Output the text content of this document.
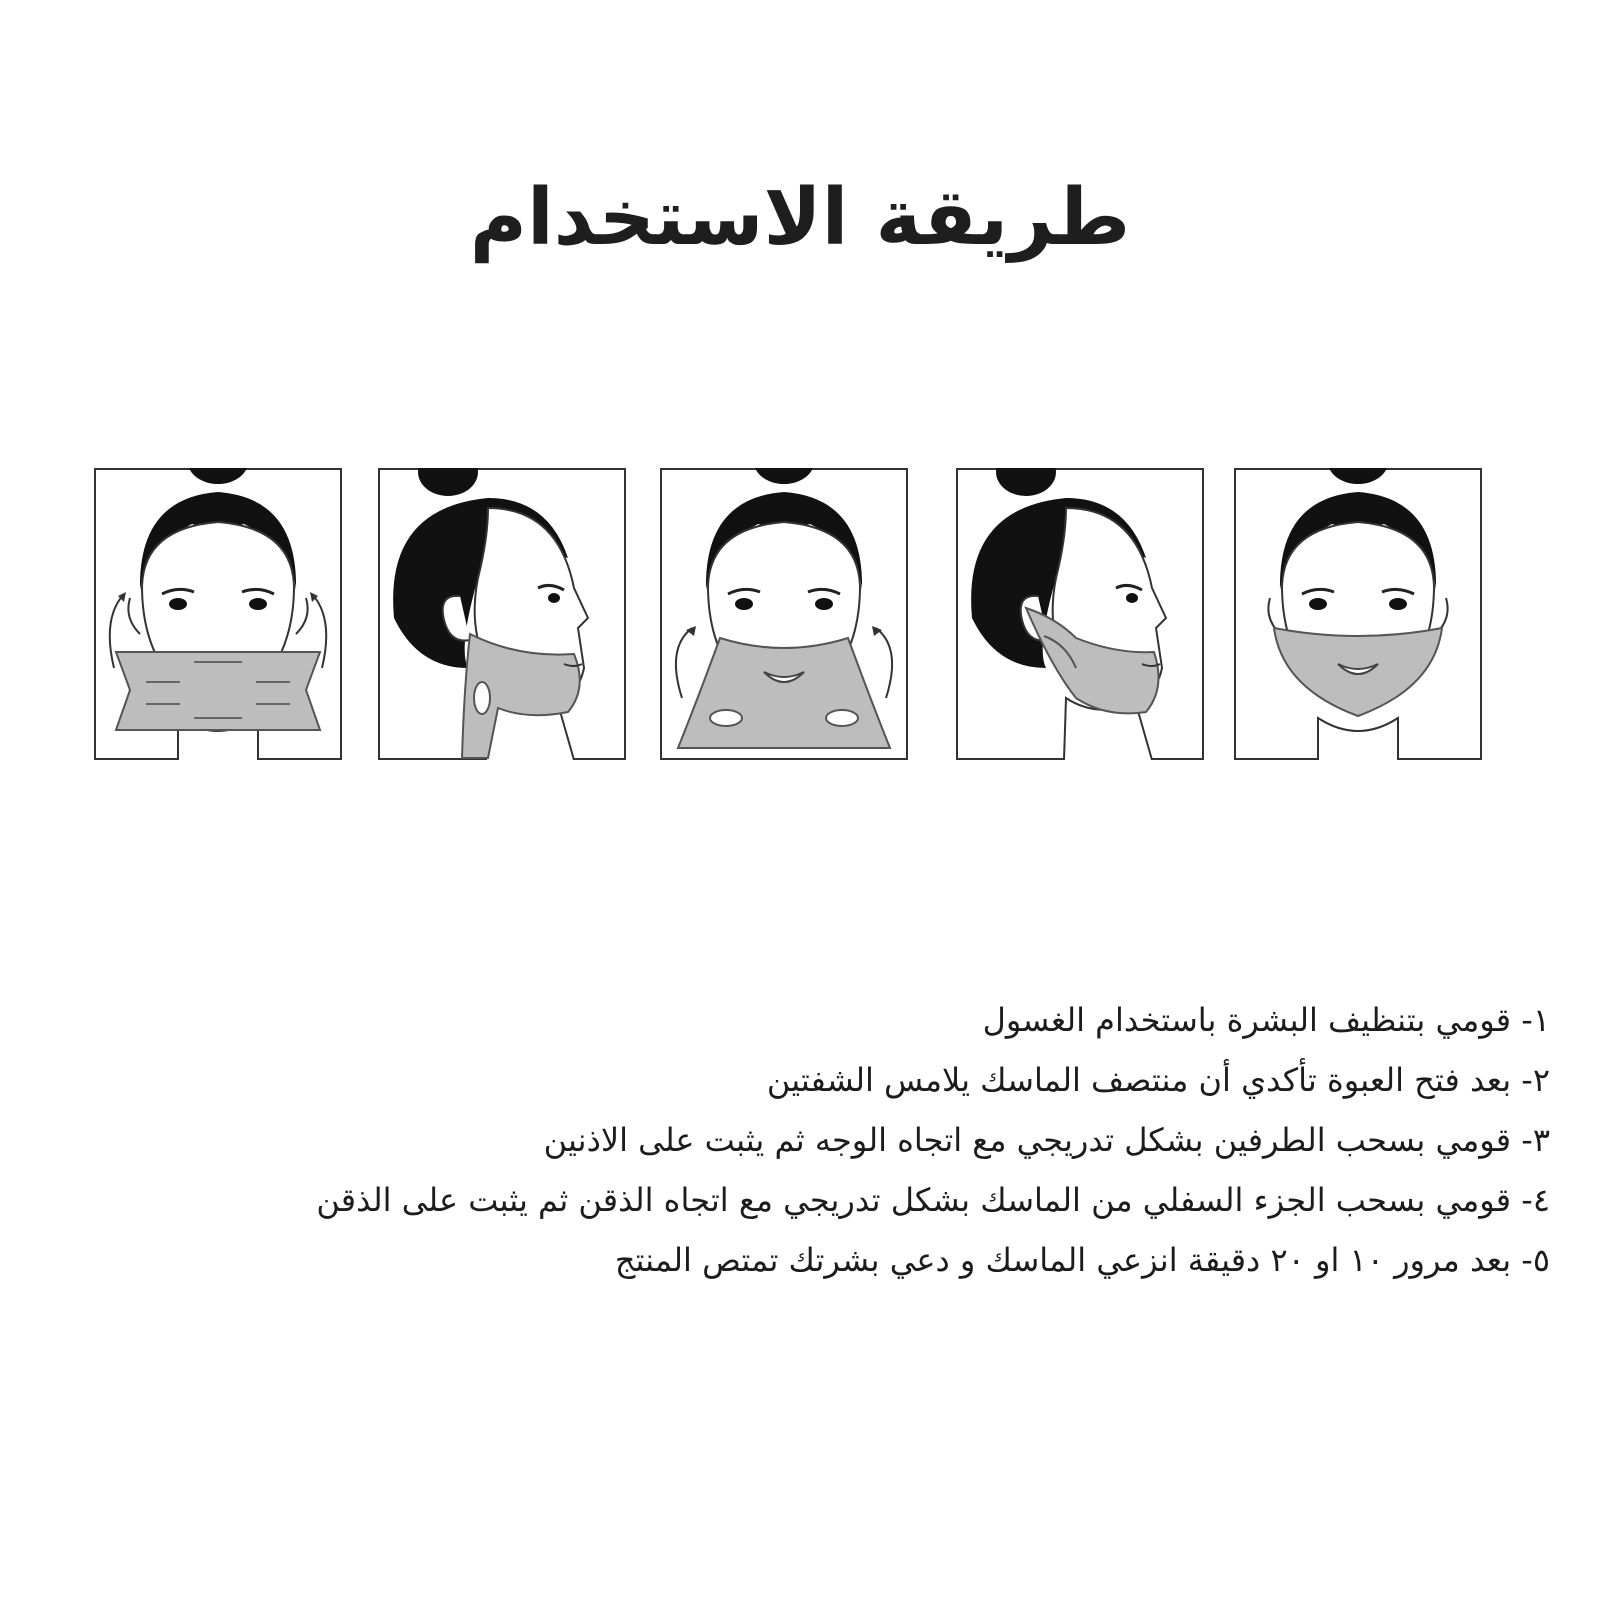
طريقة الاستخدام
١- قومي بتنظيف البشرة باستخدام الغسول
٢- بعد فتح العبوة تأكدي أن منتصف الماسك يلامس الشفتين
٣- قومي بسحب الطرفين بشكل تدريجي مع اتجاه الوجه ثم يثبت على الاذنين
٤- قومي بسحب الجزء السفلي من الماسك بشكل تدريجي مع اتجاه الذقن ثم يثبت على الذقن
٥- بعد مرور ١٠ او ٢٠ دقيقة انزعي الماسك و دعي بشرتك تمتص المنتج
